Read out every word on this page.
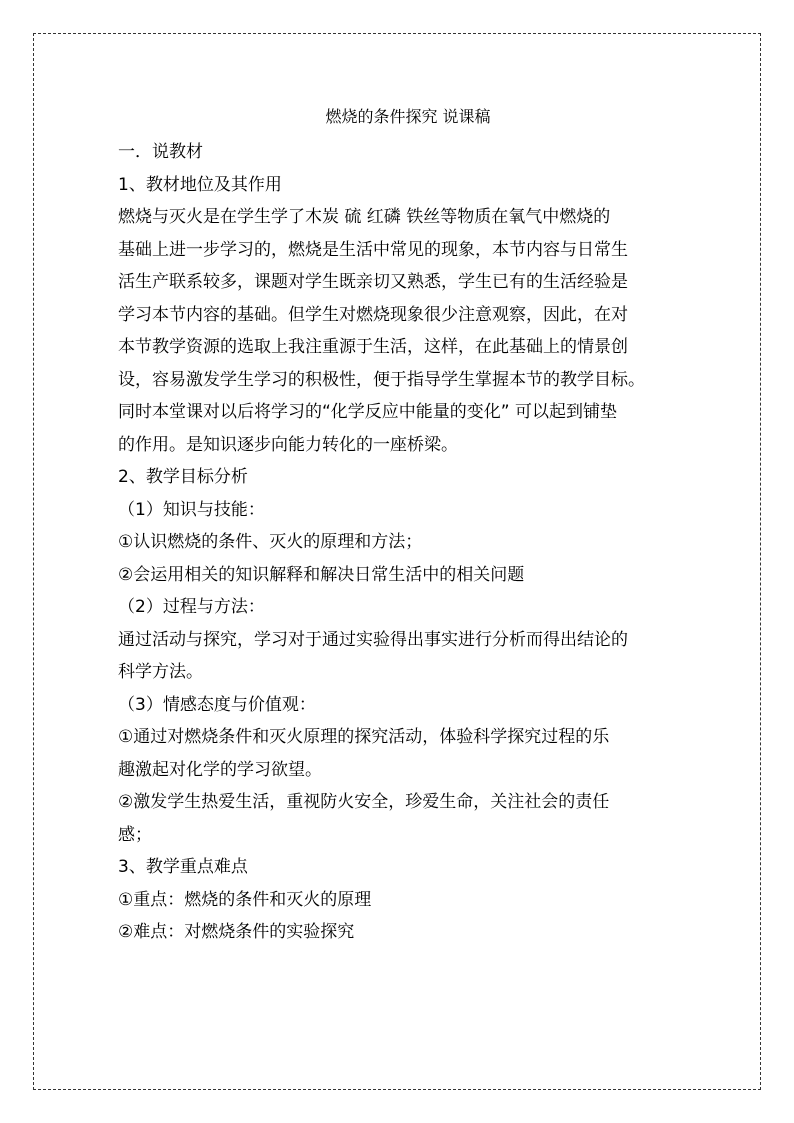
燃烧的条件探究 说课稿
一．说教材
1、教材地位及其作用
燃烧与灭火是在学生学了木炭 硫 红磷 铁丝等物质在氧气中燃烧的
基础上进一步学习的，燃烧是生活中常见的现象，本节内容与日常生
活生产联系较多，课题对学生既亲切又熟悉，学生已有的生活经验是
学习本节内容的基础。但学生对燃烧现象很少注意观察，因此，在对
本节教学资源的选取上我注重源于生活，这样，在此基础上的情景创
设，容易激发学生学习的积极性，便于指导学生掌握本节的教学目标。
同时本堂课对以后将学习的“化学反应中能量的变化” 可以起到铺垫
的作用。是知识逐步向能力转化的一座桥梁。
2、教学目标分析
（1）知识与技能：
①认识燃烧的条件、灭火的原理和方法；
②会运用相关的知识解释和解决日常生活中的相关问题
（2）过程与方法：
通过活动与探究，学习对于通过实验得出事实进行分析而得出结论的
科学方法。
（3）情感态度与价值观：
①通过对燃烧条件和灭火原理的探究活动，体验科学探究过程的乐
趣激起对化学的学习欲望。
②激发学生热爱生活，重视防火安全，珍爱生命，关注社会的责任
感；
3、教学重点难点
①重点：燃烧的条件和灭火的原理
②难点：对燃烧条件的实验探究
